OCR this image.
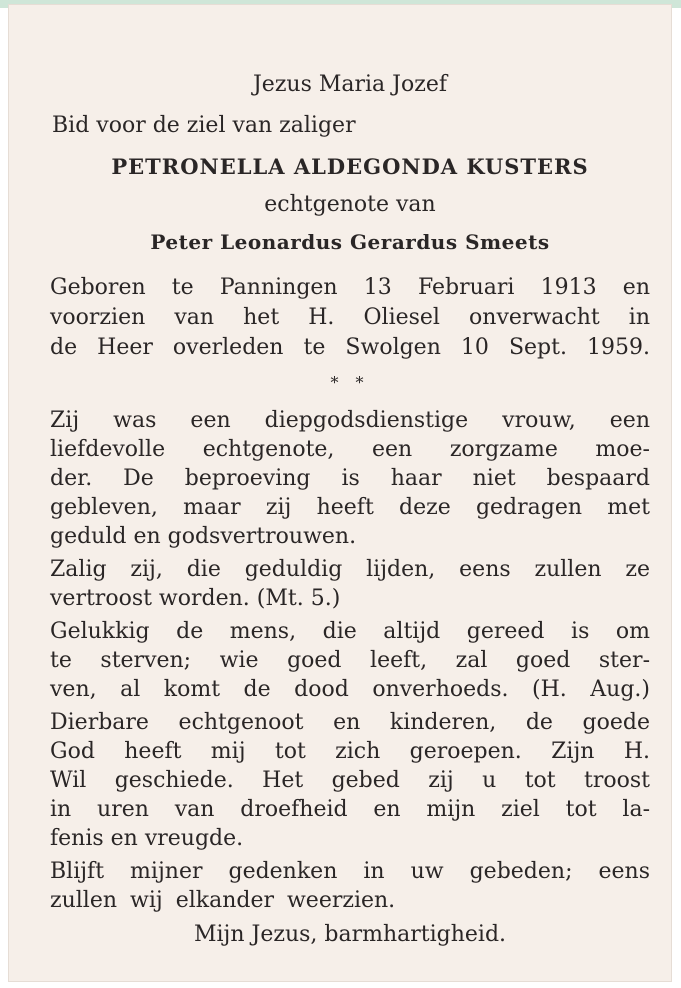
Jezus Maria Jozef
Bid voor de ziel van zaliger
PETRONELLA ALDEGONDA KUSTERS
echtgenote van
Peter Leonardus Gerardus Smeets
Geboren te Panningen 13 Februari 1913 en
voorzien van het H. Oliesel onverwacht in
de Heer overleden te Swolgen 10 Sept. 1959.
* *
Zij was een diepgodsdienstige vrouw, een
liefdevolle echtgenote, een zorgzame moe-
der. De beproeving is haar niet bespaard
gebleven, maar zij heeft deze gedragen met
geduld en godsvertrouwen.
Zalig zij, die geduldig lijden, eens zullen ze
vertroost worden. (Mt. 5.)
Gelukkig de mens, die altijd gereed is om
te sterven; wie goed leeft, zal goed ster-
ven, al komt de dood onverhoeds. (H. Aug.)
Dierbare echtgenoot en kinderen, de goede
God heeft mij tot zich geroepen. Zijn H.
Wil geschiede. Het gebed zij u tot troost
in uren van droefheid en mijn ziel tot la-
fenis en vreugde.
Blijft mijner gedenken in uw gebeden; eens
zullen wij elkander weerzien.
Mijn Jezus, barmhartigheid.
